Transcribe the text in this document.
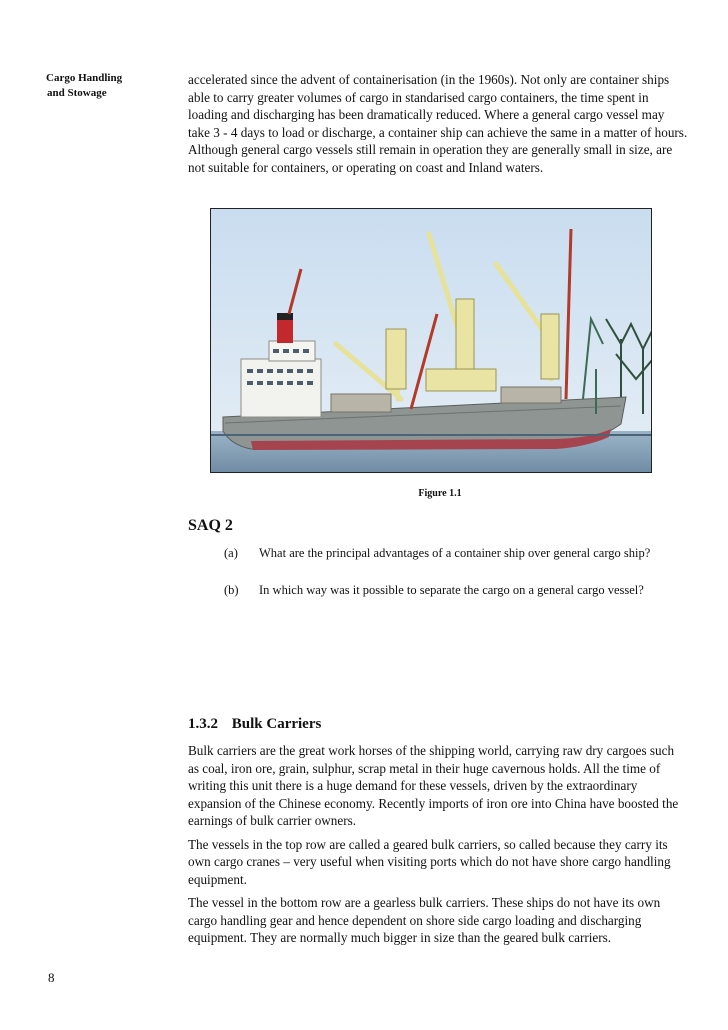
Cargo Handling
and Stowage

accelerated since the advent of containerisation (in the 1960s). Not only are container ships able to carry greater volumes of cargo in standarised cargo containers, the time spent in loading and discharging has been dramatically reduced. Where a general cargo vessel may take 3 - 4 days to load or discharge, a container ship can achieve the same in a matter of hours. Although general cargo vessels still remain in operation they are generally small in size, are not suitable for containers, or operating on coast and Inland waters.

Figure 1.1
SAQ 2
(a) What are the principal advantages of a container ship over general cargo ship?
(b) In which way was it possible to separate the cargo on a general cargo vessel?
1.3.2 Bulk Carriers

Bulk carriers are the great work horses of the shipping world, carrying raw dry cargoes such as coal, iron ore, grain, sulphur, scrap metal in their huge cavernous holds. All the time of writing this unit there is a huge demand for these vessels, driven by the extraordinary expansion of the Chinese economy. Recently imports of iron ore into China have boosted the earnings of bulk carrier owners.

The vessels in the top row are called a geared bulk carriers, so called because they carry its own cargo cranes – very useful when visiting ports which do not have shore cargo handling equipment.

The vessel in the bottom row are a gearless bulk carriers. These ships do not have its own cargo handling gear and hence dependent on shore side cargo loading and discharging equipment. They are normally much bigger in size than the geared bulk carriers.

8
